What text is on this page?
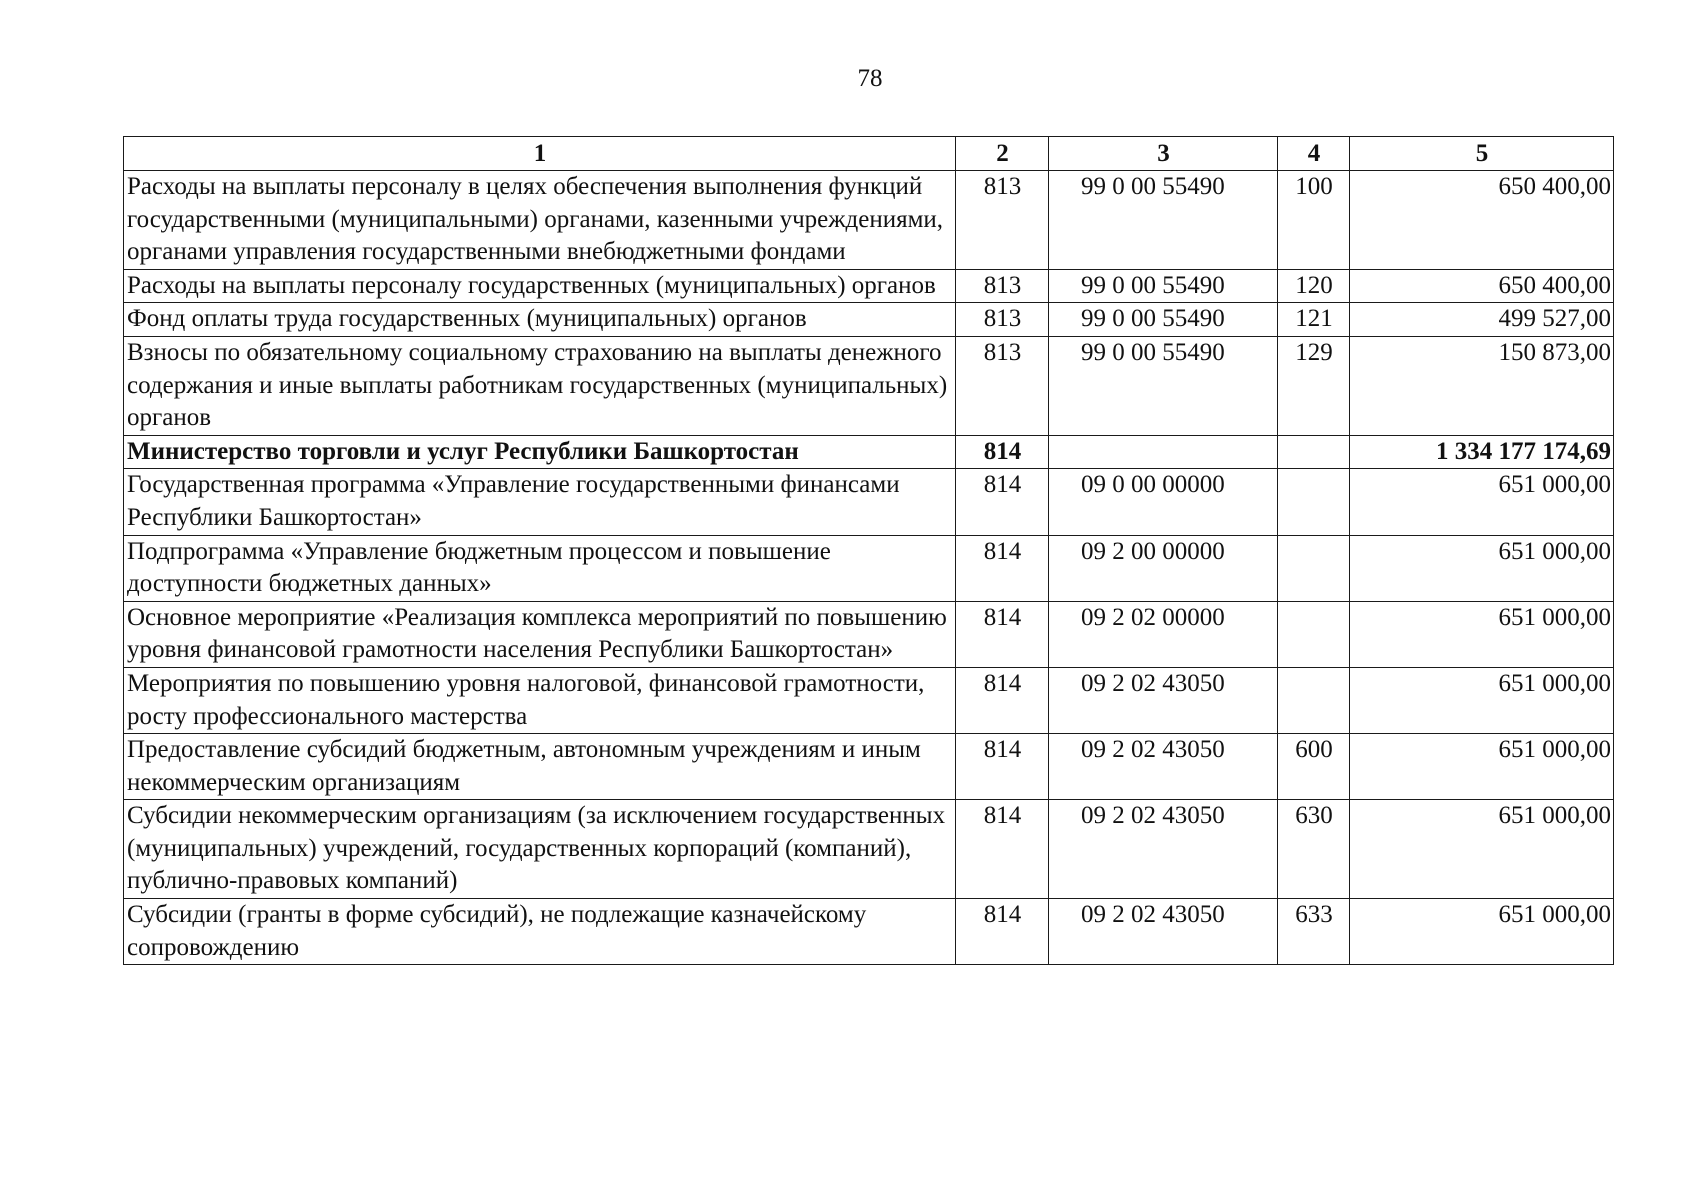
78
1	2	3	4	5
Расходы на выплаты персоналу в целях обеспечения выполнения функций государственными (муниципальными) органами, казенными учреждениями, органами управления государственными внебюджетными фондами	813	99 0 00 55490	100	650 400,00
Расходы на выплаты персоналу государственных (муниципальных) органов	813	99 0 00 55490	120	650 400,00
Фонд оплаты труда государственных (муниципальных) органов	813	99 0 00 55490	121	499 527,00
Взносы по обязательному социальному страхованию на выплаты денежного содержания и иные выплаты работникам государственных (муниципальных) органов	813	99 0 00 55490	129	150 873,00
Министерство торговли и услуг Республики Башкортостан	814			1 334 177 174,69
Государственная программа «Управление государственными финансами Республики Башкортостан»	814	09 0 00 00000		651 000,00
Подпрограмма «Управление бюджетным процессом и повышение доступности бюджетных данных»	814	09 2 00 00000		651 000,00
Основное мероприятие «Реализация комплекса мероприятий по повышению уровня финансовой грамотности населения Республики Башкортостан»	814	09 2 02 00000		651 000,00
Мероприятия по повышению уровня налоговой, финансовой грамотности, росту профессионального мастерства	814	09 2 02 43050		651 000,00
Предоставление субсидий бюджетным, автономным учреждениям и иным некоммерческим организациям	814	09 2 02 43050	600	651 000,00
Субсидии некоммерческим организациям (за исключением государственных (муниципальных) учреждений, государственных корпораций (компаний), публично-правовых компаний)	814	09 2 02 43050	630	651 000,00
Субсидии (гранты в форме субсидий), не подлежащие казначейскому сопровождению	814	09 2 02 43050	633	651 000,00
